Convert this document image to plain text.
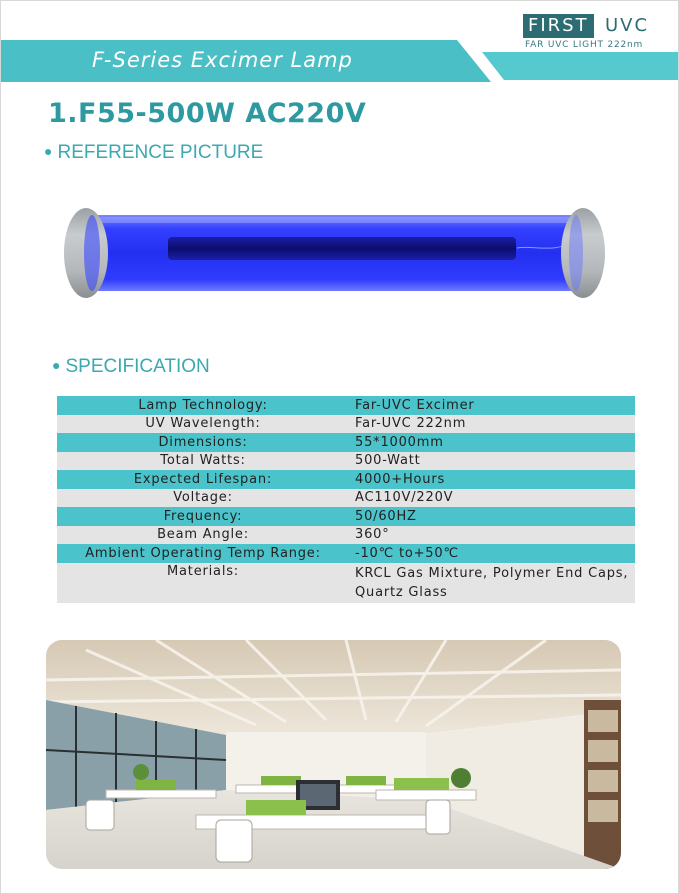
F-Series Excimer Lamp
FIRST UVC
FAR UVC LIGHT 222nm
1.F55-500W AC220V
● REFERENCE PICTURE
● SPECIFICATION
Lamp Technology:	Far-UVC Excimer
UV Wavelength:	Far-UVC 222nm
Dimensions:	55*1000mm
Total Watts:	500-Watt
Expected Lifespan:	4000+Hours
Voltage:	AC110V/220V
Frequency:	50/60HZ
Beam Angle:	360°
Ambient Operating Temp Range:	-10℃ to+50℃
Materials:	KRCL Gas Mixture, Polymer End Caps,
Quartz Glass
